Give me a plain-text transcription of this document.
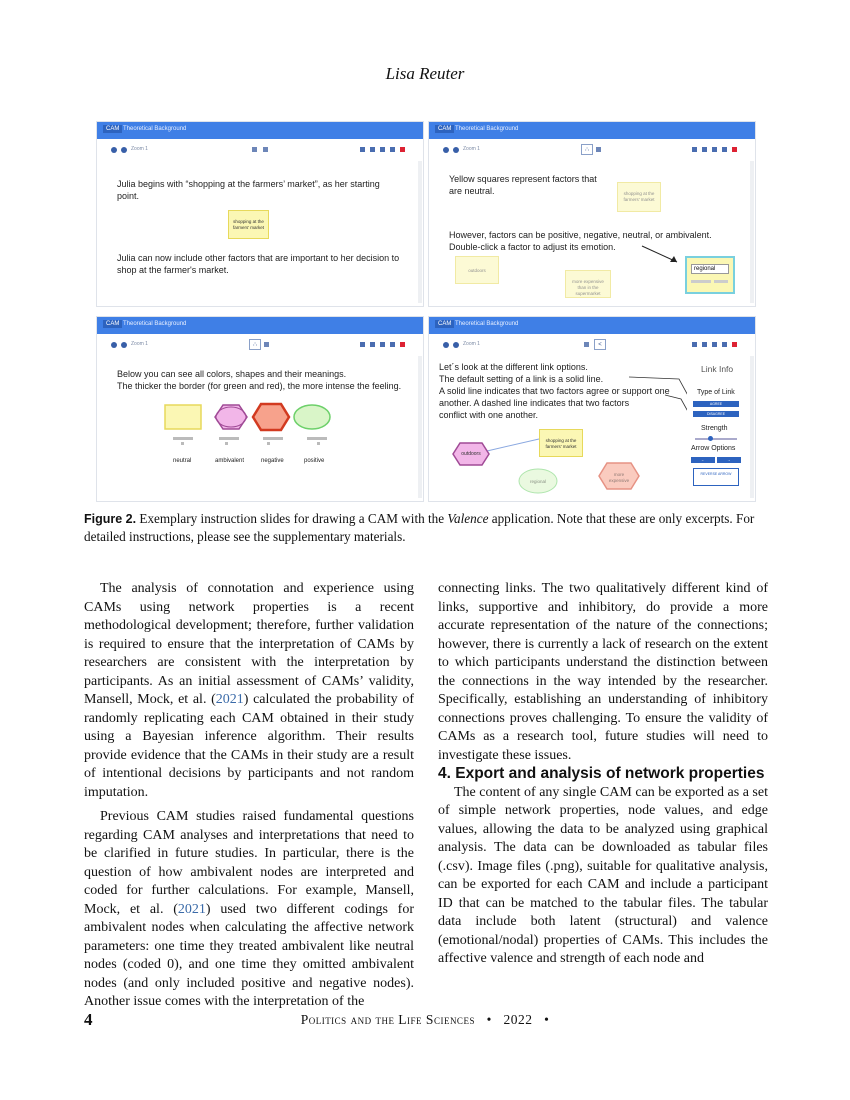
Lisa Reuter
CAM Theoretical Background
Zoom 1
Julia begins with “shopping at the farmers’ market”, as her starting
point.
shopping at the farmers' market
Julia can now include other factors that are important to her decision to
shop at the farmer's market.
CAM Theoretical Background
Zoom 1	∴
Yellow squares represent factors that
are neutral.	shopping at the farmers' market
However, factors can be positive, negative, neutral, or ambivalent.
Double-click a factor to adjust its emotion.
outdoors
more expensive than in the supermarket
regional
CAM Theoretical Background
Zoom 1	∴
Below you can see all colors, shapes and their meanings.
The thicker the border (for green and red), the more intense the feeling.
neutral	ambivalent	negative	positive
CAM Theoretical Background
Zoom 1	<
Let´s look at the different link options.
The default setting of a link is a solid line.
A solid line indicates that two factors agree or support one
another. A dashed line indicates that two factors
conflict with one another.
Link Info
Type of Link
AGREE
DISAGREE
Strength
Arrow Options
←	→
REVERSE ARROW
outdoors
shopping at the farmers' market
regional
more expensive
Figure 2. Exemplary instruction slides for drawing a CAM with the Valence application. Note that these are only excerpts. For detailed instructions, please see the supplementary materials.

The analysis of connotation and experience using CAMs using network properties is a recent methodological development; therefore, further validation is required to ensure that the interpretation of CAMs by researchers are consistent with the interpretation by participants. As an initial assessment of CAMs’ validity, Mansell, Mock, et al. (2021) calculated the probability of randomly replicating each CAM obtained in their study using a Bayesian inference algorithm. Their results provide evidence that the CAMs in their study are a result of intentional decisions by participants and not random imputation.

Previous CAM studies raised fundamental questions regarding CAM analyses and interpretations that need to be clarified in future studies. In particular, there is the question of how ambivalent nodes are interpreted and coded for further calculations. For example, Mansell, Mock, et al. (2021) used two different codings for ambivalent nodes when calculating the affective network parameters: one time they treated ambivalent like neutral nodes (coded 0), and one time they omitted ambivalent nodes (and only included positive and negative nodes). Another issue comes with the interpretation of the

connecting links. The two qualitatively different kind of links, supportive and inhibitory, do provide a more accurate representation of the nature of the connections; however, there is currently a lack of research on the extent to which participants understand the distinction between the connections in the way intended by the researcher. Specifically, establishing an understanding of inhibitory connections proves challenging. To ensure the validity of CAMs as a research tool, future studies will need to investigate these issues.

4. Export and analysis of network properties

The content of any single CAM can be exported as a set of simple network properties, node values, and edge values, allowing the data to be analyzed using graphical analysis. The data can be downloaded as tabular files (.csv). Image files (.png), suitable for qualitative analysis, can be exported for each CAM and include a participant ID that can be matched to the tabular files. The tabular data include both latent (structural) and valence (emotional/nodal) properties of CAMs. This includes the affective valence and strength of each node and

4	Politics and the Life Sciences • 2022 •
